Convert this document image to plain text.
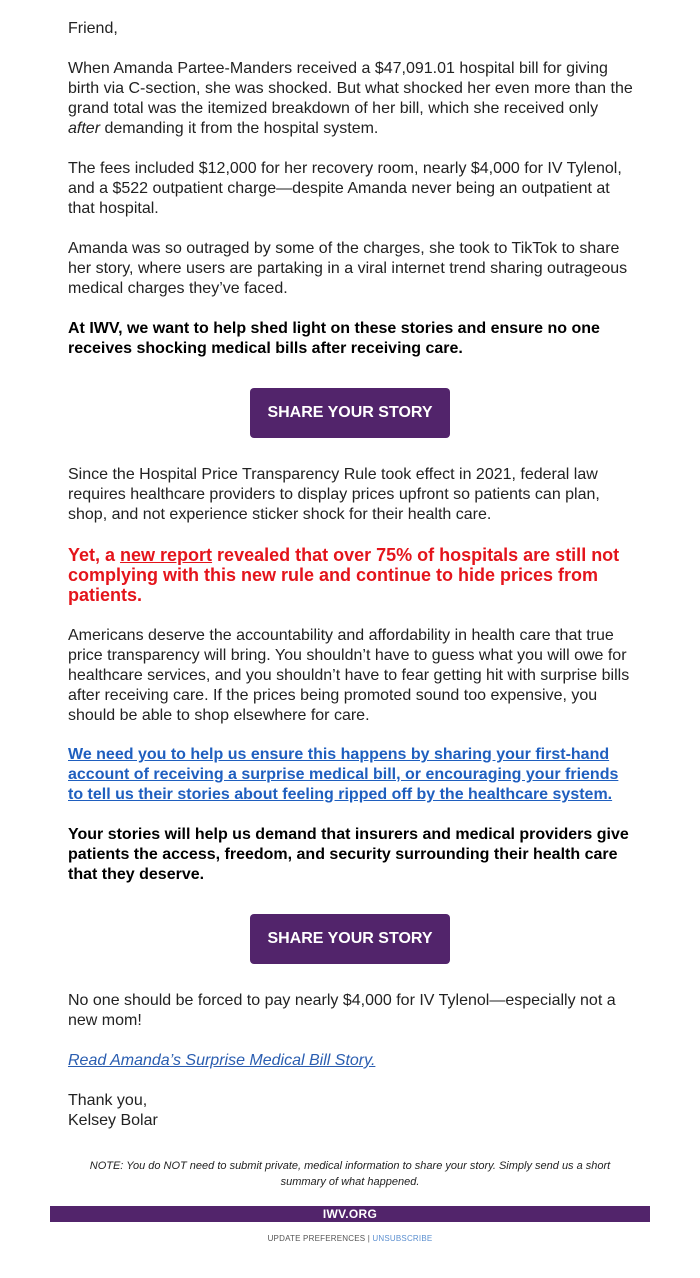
Friend,

When Amanda Partee-Manders received a $47,091.01 hospital bill for giving birth via C-section, she was shocked. But what shocked her even more than the grand total was the itemized breakdown of her bill, which she received only after demanding it from the hospital system.

The fees included $12,000 for her recovery room, nearly $4,000 for IV Tylenol, and a $522 outpatient charge—despite Amanda never being an outpatient at that hospital.

Amanda was so outraged by some of the charges, she took to TikTok to share her story, where users are partaking in a viral internet trend sharing outrageous medical charges they’ve faced.

At IWV, we want to help shed light on these stories and ensure no one receives shocking medical bills after receiving care.

SHARE YOUR STORY

Since the Hospital Price Transparency Rule took effect in 2021, federal law requires healthcare providers to display prices upfront so patients can plan, shop, and not experience sticker shock for their health care.

Yet, a new report revealed that over 75% of hospitals are still not complying with this new rule and continue to hide prices from patients.

Americans deserve the accountability and affordability in health care that true price transparency will bring. You shouldn’t have to guess what you will owe for healthcare services, and you shouldn’t have to fear getting hit with surprise bills after receiving care. If the prices being promoted sound too expensive, you should be able to shop elsewhere for care.

We need you to help us ensure this happens by sharing your first-hand account of receiving a surprise medical bill, or encouraging your friends to tell us their stories about feeling ripped off by the healthcare system.

Your stories will help us demand that insurers and medical providers give patients the access, freedom, and security surrounding their health care that they deserve.

SHARE YOUR STORY

No one should be forced to pay nearly $4,000 for IV Tylenol—especially not a new mom!

Read Amanda’s Surprise Medical Bill Story.

Thank you,

Kelsey Bolar

NOTE: You do NOT need to submit private, medical information to share your story. Simply send us a short summary of what happened.

IWV.ORG
UPDATE PREFERENCES | UNSUBSCRIBE
